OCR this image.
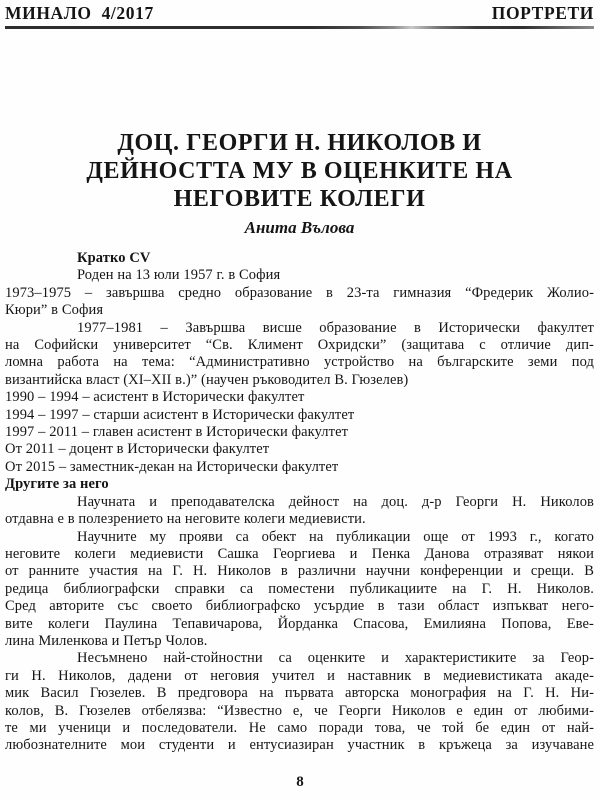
МИНАЛО  4/2017	ПОРТРЕТИ
ДОЦ. ГЕОРГИ Н. НИКОЛОВ И
ДЕЙНОСТТА МУ В ОЦЕНКИТЕ НА
НЕГОВИТЕ КОЛЕГИ
Анита Вълова
Кратко CV
Роден на 13 юли 1957 г. в София
1973–1975 – завършва средно образование в 23-та гимназия “Фредерик Жолио-
Кюри” в София
1977–1981 – Завършва висше образование в Исторически факултет
на Софийски университет “Св. Климент Охридски” (защитава с отличие дип-
ломна работа на тема: “Административно устройство на българските земи под
византийска власт (XI–XII в.)” (научен ръководител В. Гюзелев)
1990 – 1994 – асистент в Исторически факултет
1994 – 1997 – старши асистент в Исторически факултет
1997 – 2011 – главен асистент в Исторически факултет
От 2011 – доцент в Исторически факултет
От 2015 – заместник-декан на Исторически факултет
Другите за него
Научната и преподавателска дейност на доц. д-р Георги Н. Николов
отдавна е в полезрението на неговите колеги медиевисти.
Научните му прояви са обект на публикации още от 1993 г., когато
неговите колеги медиевисти Сашка Георгиева и Пенка Данова отразяват някои
от ранните участия на Г. Н. Николов в различни научни конференции и срещи. В
редица библиографски справки са поместени публикациите на Г. Н. Николов.
Сред авторите със своето библиографско усърдие в тази област изпъкват него-
вите колеги Паулина Тепавичарова, Йорданка Спасова, Емилияна Попова, Еве-
лина Миленкова и Петър Чолов.
Несъмнено най-стойностни са оценките и характеристиките за Геор-
ги Н. Николов, дадени от неговия учител и наставник в медиевистиката акаде-
мик Васил Гюзелев. В предговора на първата авторска монография на Г. Н. Ни-
колов, В. Гюзелев отбелязва: “Известно е, че Георги Николов е един от любими-
те ми ученици и последователи. Не само поради това, че той бе един от най-
любознателните мои студенти и ентусиазиран участник в кръжеца за изучаване
8
